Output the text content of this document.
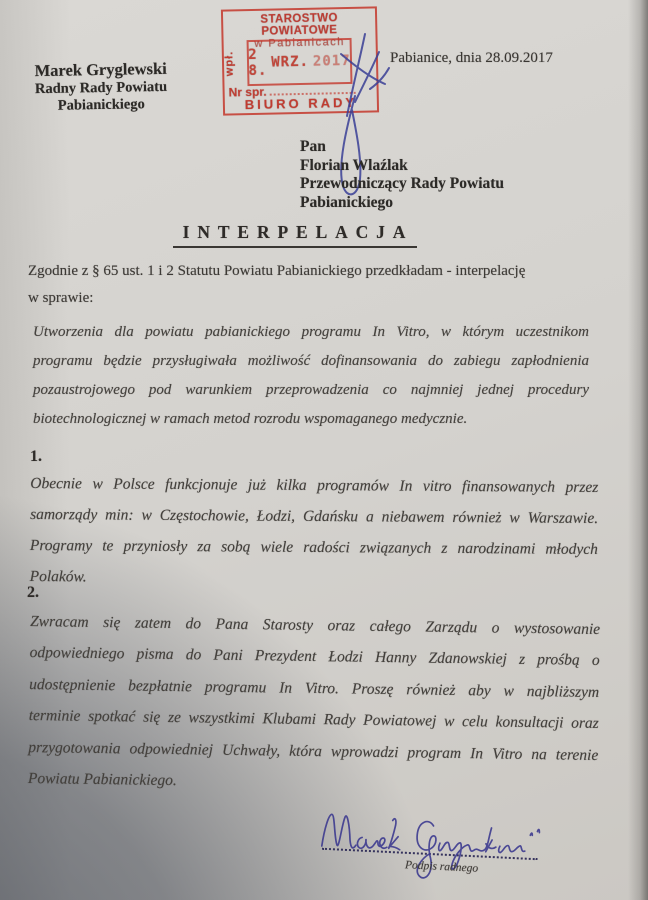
Marek Gryglewski
Radny Rady Powiatu
Pabianickiego
STAROSTWO POWIATOWE
w Pabianicach
wpł. 2 8.
WRZ. 2017
Nr spr.
BIURO RADY
Pabianice, dnia 28.09.2017
Pan
Florian Wlaźlak
Przewodniczący Rady Powiatu
Pabianickiego
INTERPELACJA
Zgodnie z § 65 ust. 1 i 2 Statutu Powiatu Pabianickiego przedkładam - interpelację
w sprawie:
Utworzenia dla powiatu pabianickiego programu In Vitro, w którym uczestnikom
programu będzie przysługiwała możliwość dofinansowania do zabiegu zapłodnienia
pozaustrojowego pod warunkiem przeprowadzenia co najmniej jednej procedury
biotechnologicznej w ramach metod rozrodu wspomaganego medycznie.
1.
Obecnie w Polsce funkcjonuje już kilka programów In vitro finansowanych przez
samorządy min: w Częstochowie, Łodzi, Gdańsku a niebawem również w Warszawie.
Programy te przyniosły za sobą wiele radości związanych z narodzinami młodych
Polaków.
2.
Zwracam się zatem do Pana Starosty oraz całego Zarządu o wystosowanie
odpowiedniego pisma do Pani Prezydent Łodzi Hanny Zdanowskiej z prośbą o
udostępnienie bezpłatnie programu In Vitro. Proszę również aby w najbliższym
terminie spotkać się ze wszystkimi Klubami Rady Powiatowej w celu konsultacji oraz
przygotowania odpowiedniej Uchwały, która wprowadzi program In Vitro na terenie
Powiatu Pabianickiego.
Podpis radnego
